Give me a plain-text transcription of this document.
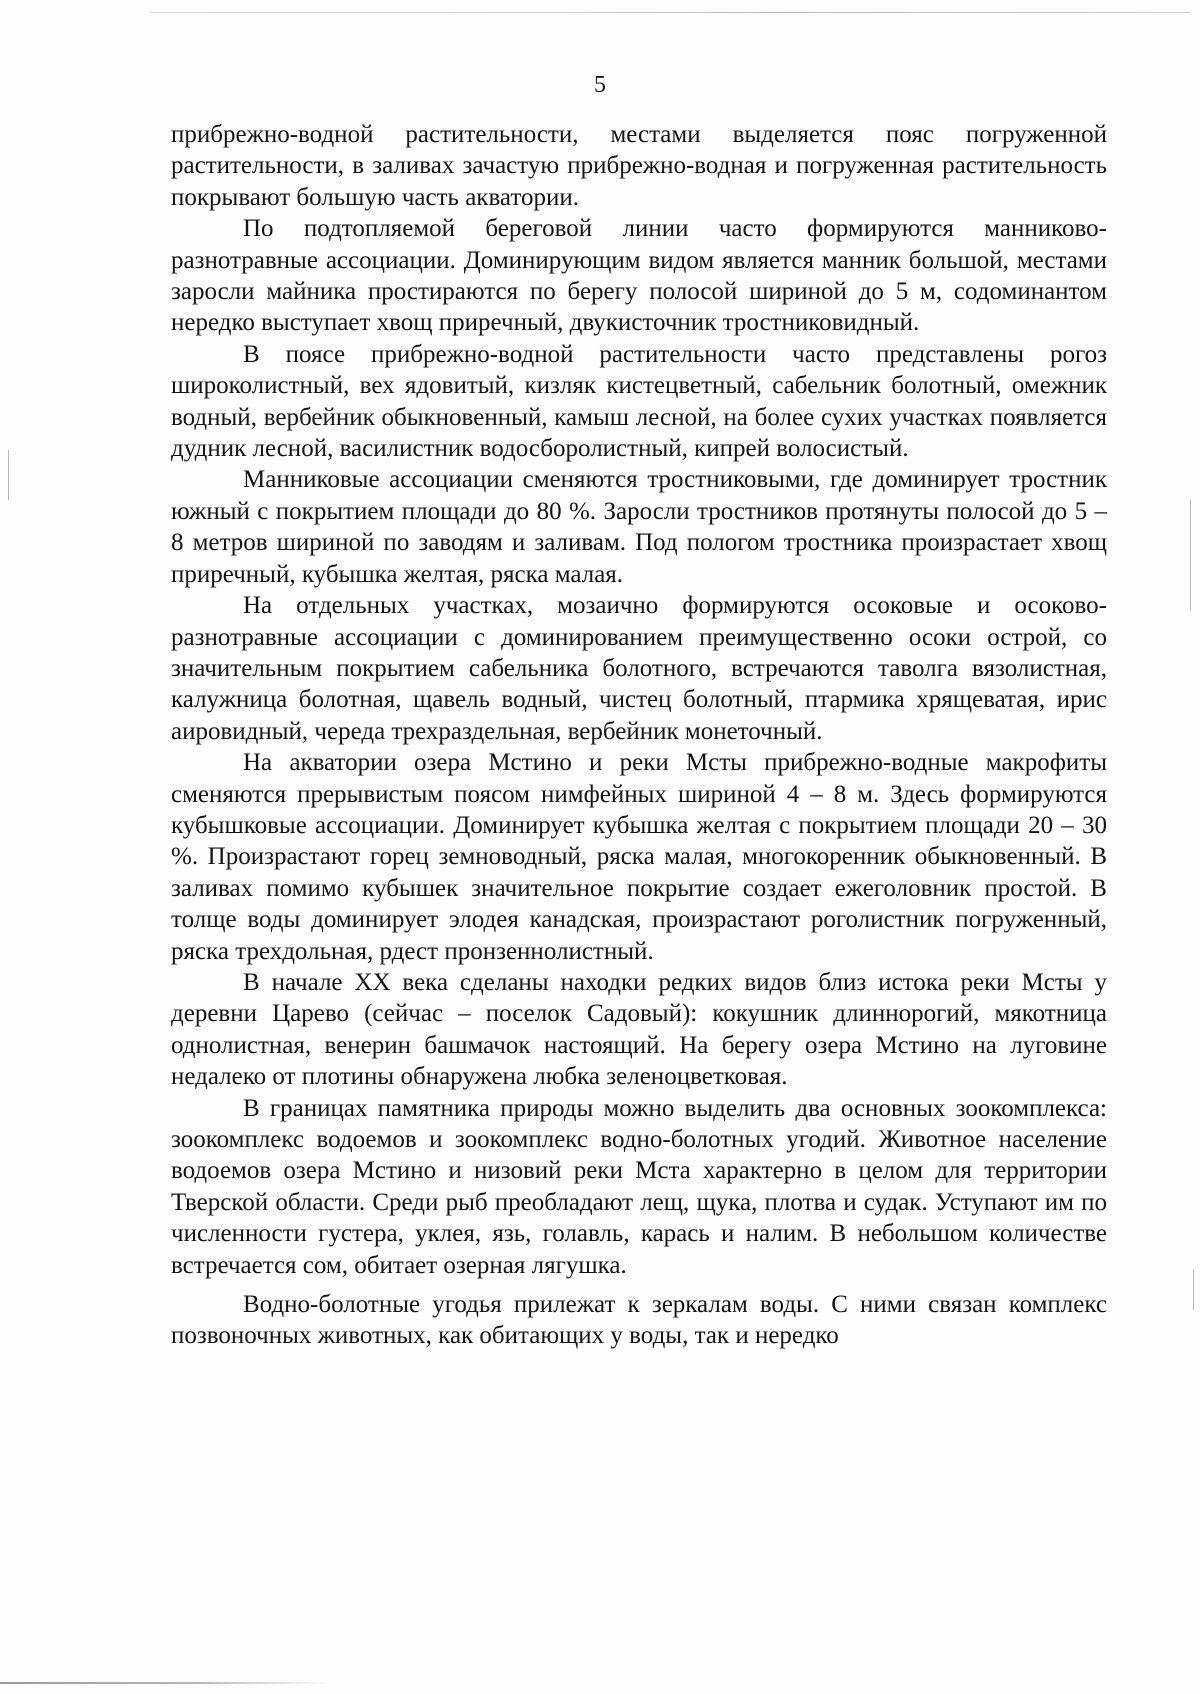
5

прибрежно-водной растительности, местами выделяется пояс погруженной растительности, в заливах зачастую прибрежно-водная и погруженная растительность покрывают большую часть акватории.

По подтопляемой береговой линии часто формируются манниково-разнотравные ассоциации. Доминирующим видом является манник большой, местами заросли майника простираются по берегу полосой шириной до 5 м, содоминантом нередко выступает хвощ приречный, двукисточник тростниковидный.

В поясе прибрежно-водной растительности часто представлены рогоз широколистный, вех ядовитый, кизляк кистецветный, сабельник болотный, омежник водный, вербейник обыкновенный, камыш лесной, на более сухих участках появляется дудник лесной, василистник водосборолистный, кипрей волосистый.

Манниковые ассоциации сменяются тростниковыми, где доминирует тростник южный с покрытием площади до 80 %. Заросли тростников протянуты полосой до 5 – 8 метров шириной по заводям и заливам. Под пологом тростника произрастает хвощ приречный, кубышка желтая, ряска малая.

На отдельных участках, мозаично формируются осоковые и осоково-разнотравные ассоциации с доминированием преимущественно осоки острой, со значительным покрытием сабельника болотного, встречаются таволга вязолистная, калужница болотная, щавель водный, чистец болотный, птармика хрящеватая, ирис аировидный, череда трехраздельная, вербейник монеточный.

На акватории озера Мстино и реки Мсты прибрежно-водные макрофиты сменяются прерывистым поясом нимфейных шириной 4 – 8 м. Здесь формируются кубышковые ассоциации. Доминирует кубышка желтая с покрытием площади 20 – 30 %. Произрастают горец земноводный, ряска малая, многокоренник обыкновенный. В заливах помимо кубышек значительное покрытие создает ежеголовник простой. В толще воды доминирует элодея канадская, произрастают роголистник погруженный, ряска трехдольная, рдест пронзеннолистный.

В начале XX века сделаны находки редких видов близ истока реки Мсты у деревни Царево (сейчас – поселок Садовый): кокушник длиннорогий, мякотница однолистная, венерин башмачок настоящий. На берегу озера Мстино на луговине недалеко от плотины обнаружена любка зеленоцветковая.

В границах памятника природы можно выделить два основных зоокомплекса: зоокомплекс водоемов и зоокомплекс водно-болотных угодий. Животное население водоемов озера Мстино и низовий реки Мста характерно в целом для территории Тверской области. Среди рыб преобладают лещ, щука, плотва и судак. Уступают им по численности густера, уклея, язь, голавль, карась и налим. В небольшом количестве встречается сом, обитает озерная лягушка.

Водно-болотные угодья прилежат к зеркалам воды. С ними связан комплекс позвоночных животных, как обитающих у воды, так и нередко
